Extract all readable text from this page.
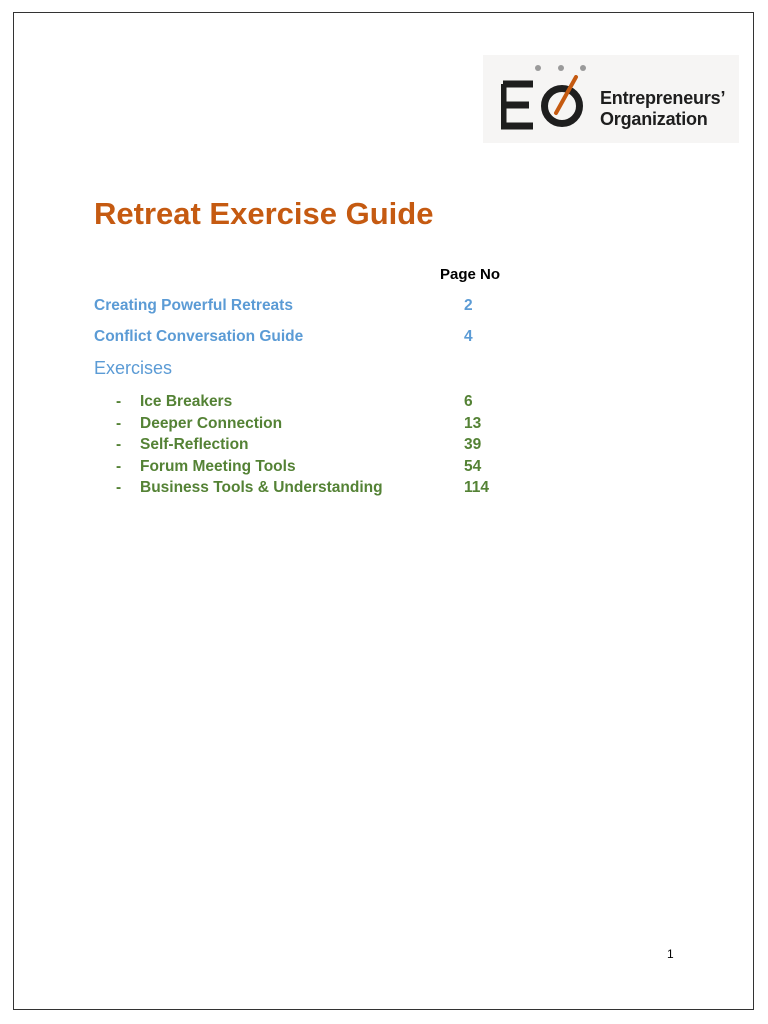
Entrepreneurs’
Organization
Retreat Exercise Guide
Page No
Creating Powerful Retreats	2
Conflict Conversation Guide	4
Exercises
- Ice Breakers	6
- Deeper Connection	13
- Self-Reflection	39
- Forum Meeting Tools	54
- Business Tools & Understanding	114
1
